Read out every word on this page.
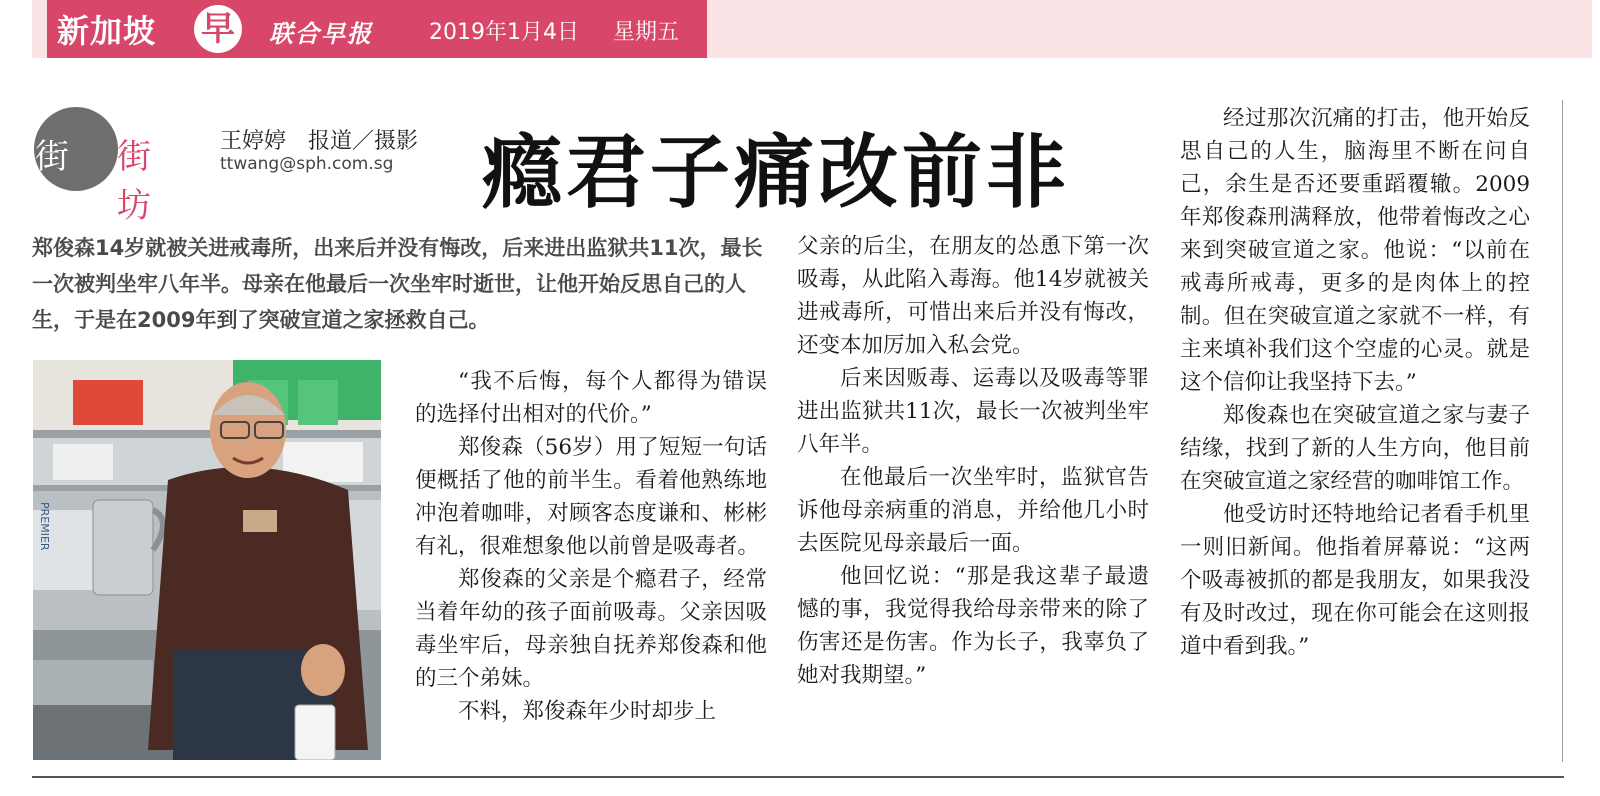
新加坡 早 联合早报	2019年1月4日 星期五
街访
街坊
王婷婷　报道／摄影
ttwang@sph.com.sg 瘾君子痛改前非
郑俊森14岁就被关进戒毒所，出来后并没有悔改，后来进出监狱共11次，最长一次被判坐牢八年半。母亲在他最后一次坐牢时逝世，让他开始反思自己的人生，于是在2009年到了突破宣道之家拯救自己。
PREMIER

“我不后悔，每个人都得为错误的选择付出相对的代价。”

郑俊森（56岁）用了短短一句话便概括了他的前半生。看着他熟练地冲泡着咖啡，对顾客态度谦和、彬彬有礼，很难想象他以前曾是吸毒者。

郑俊森的父亲是个瘾君子，经常当着年幼的孩子面前吸毒。父亲因吸毒坐牢后，母亲独自抚养郑俊森和他的三个弟妹。

不料，郑俊森年少时却步上

父亲的后尘，在朋友的怂恿下第一次吸毒，从此陷入毒海。他14岁就被关进戒毒所，可惜出来后并没有悔改，还变本加厉加入私会党。

后来因贩毒、运毒以及吸毒等罪进出监狱共11次，最长一次被判坐牢八年半。

在他最后一次坐牢时，监狱官告诉他母亲病重的消息，并给他几小时去医院见母亲最后一面。

他回忆说：“那是我这辈子最遗憾的事，我觉得我给母亲带来的除了伤害还是伤害。作为长子，我辜负了她对我期望。”

经过那次沉痛的打击，他开始反思自己的人生，脑海里不断在问自己，余生是否还要重蹈覆辙。2009年郑俊森刑满释放，他带着悔改之心来到突破宣道之家。他说：“以前在戒毒所戒毒，更多的是肉体上的控制。但在突破宣道之家就不一样，有主来填补我们这个空虚的心灵。就是这个信仰让我坚持下去。”

郑俊森也在突破宣道之家与妻子结缘，找到了新的人生方向，他目前在突破宣道之家经营的咖啡馆工作。

他受访时还特地给记者看手机里一则旧新闻。他指着屏幕说：“这两个吸毒被抓的都是我朋友，如果我没有及时改过，现在你可能会在这则报道中看到我。”
